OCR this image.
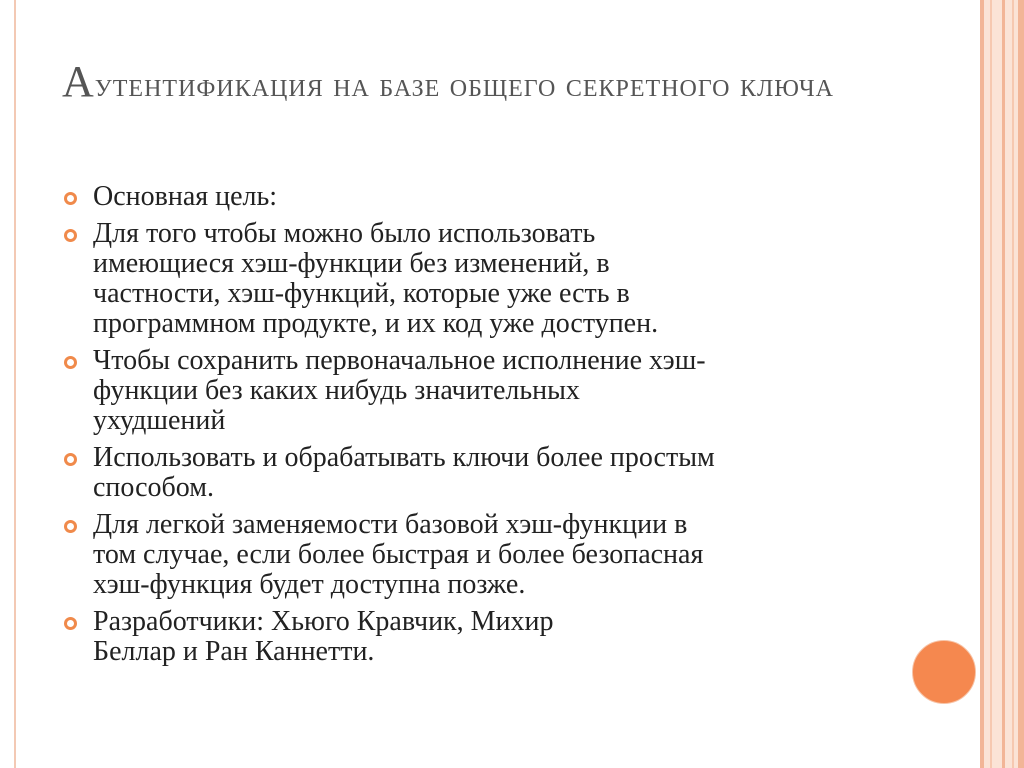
Аутентификация на базе общего секретного ключа
Основная цель:
Для того чтобы можно было использовать
имеющиеся хэш-функции без изменений, в
частности, хэш-функций, которые уже есть в
программном продукте, и их код уже доступен.
Чтобы сохранить первоначальное исполнение хэш-
функции без каких нибудь значительных
ухудшений
Использовать и обрабатывать ключи более простым
способом.
Для легкой заменяемости базовой хэш-функции в
том случае, если более быстрая и более безопасная
хэш-функция будет доступна позже.
Разработчики: Хьюго Кравчик, Михир
Беллар и Ран Каннетти.
